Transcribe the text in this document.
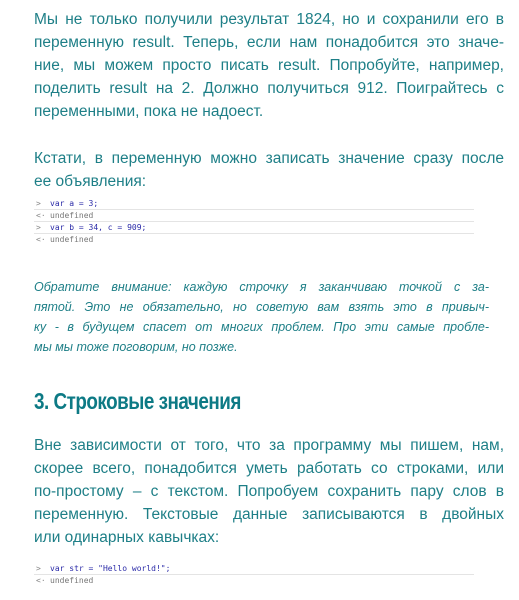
Мы не только получили результат 1824, но и сохранили его в
переменную result. Теперь, если нам понадобится это значе-
ние, мы можем просто писать result. Попробуйте, например,
поделить result на 2. Должно получиться 912. Поиграйтесь с
переменными, пока не надоест.

Кстати, в переменную можно записать значение сразу после
ее объявления:

> var a = 3;
<· undefined
> var b = 34, c = 909;
<· undefined

Обратите внимание: каждую строчку я заканчиваю точкой с за-
пятой. Это не обязательно, но советую вам взять это в привыч-
ку - в будущем спасет от многих проблем. Про эти самые пробле-
мы мы тоже поговорим, но позже.

3. Строковые значения

Вне зависимости от того, что за программу мы пишем, нам,
скорее всего, понадобится уметь работать со строками, или
по-простому – с текстом. Попробуем сохранить пару слов в
переменную. Текстовые данные записываются в двойных
или одинарных кавычках:

> var str = "Hello world!";
<· undefined
